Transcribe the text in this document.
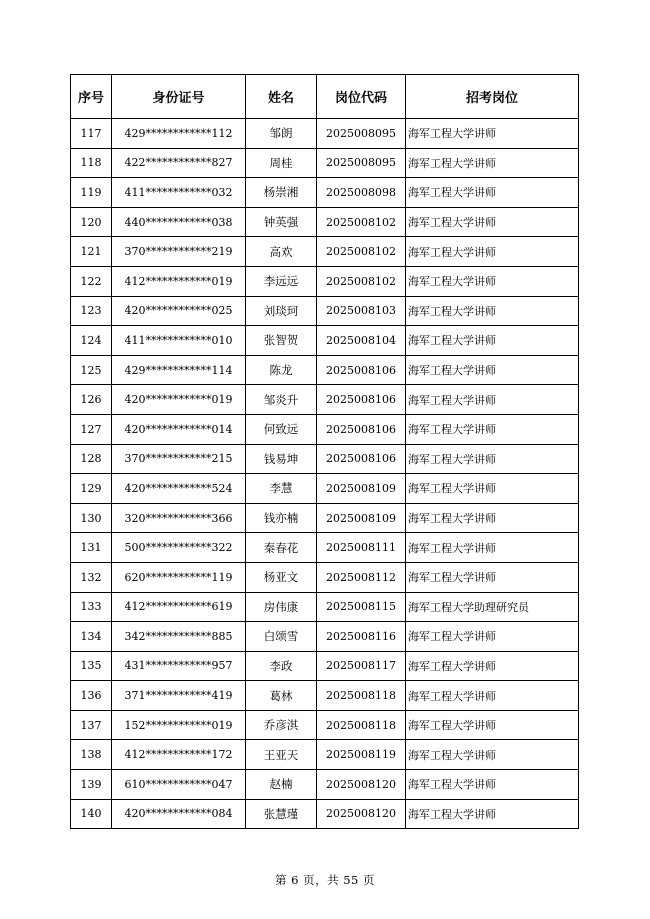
序号	身份证号	姓名	岗位代码	招考岗位
117	429************112	邹朗	2025008095	海军工程大学讲师
118	422************827	周桂	2025008095	海军工程大学讲师
119	411************032	杨崇湘	2025008098	海军工程大学讲师
120	440************038	钟英强	2025008102	海军工程大学讲师
121	370************219	高欢	2025008102	海军工程大学讲师
122	412************019	李远远	2025008102	海军工程大学讲师
123	420************025	刘琰珂	2025008103	海军工程大学讲师
124	411************010	张智贺	2025008104	海军工程大学讲师
125	429************114	陈龙	2025008106	海军工程大学讲师
126	420************019	邹炎升	2025008106	海军工程大学讲师
127	420************014	何致远	2025008106	海军工程大学讲师
128	370************215	钱易坤	2025008106	海军工程大学讲师
129	420************524	李慧	2025008109	海军工程大学讲师
130	320************366	钱亦楠	2025008109	海军工程大学讲师
131	500************322	秦春花	2025008111	海军工程大学讲师
132	620************119	杨亚文	2025008112	海军工程大学讲师
133	412************619	房伟康	2025008115	海军工程大学助理研究员
134	342************885	白颂雪	2025008116	海军工程大学讲师
135	431************957	李政	2025008117	海军工程大学讲师
136	371************419	葛林	2025008118	海军工程大学讲师
137	152************019	乔彦淇	2025008118	海军工程大学讲师
138	412************172	王亚天	2025008119	海军工程大学讲师
139	610************047	赵楠	2025008120	海军工程大学讲师
140	420************084	张慧瑾	2025008120	海军工程大学讲师
第 6 页，共 55 页
